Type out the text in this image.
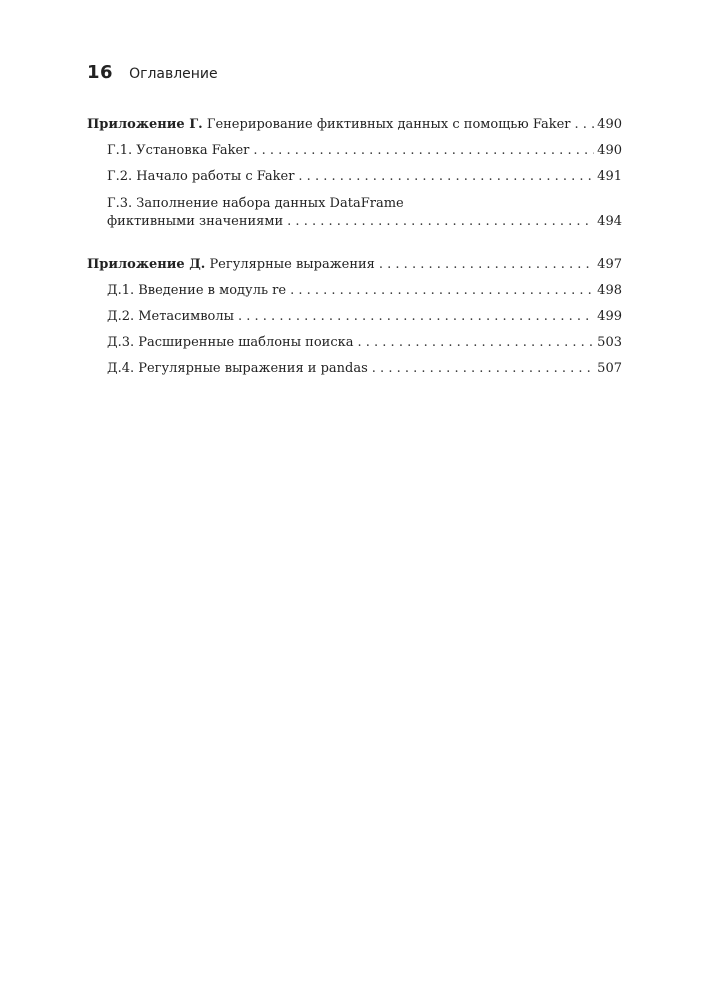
16 Оглавление
Приложение Г. Генерирование фиктивных данных с помощью Faker . . . 490
Г.1. Установка Faker . . .	490
Г.2. Начало работы с Faker . . .	491
Г.3. Заполнение набора данных DataFrame
фиктивными значениями . . .	494
Приложение Д. Регулярные выражения . . .	497
Д.1. Введение в модуль re . . .	498
Д.2. Метасимволы . . .	499
Д.3. Расширенные шаблоны поиска . . .	503
Д.4. Регулярные выражения и pandas . . .	507
